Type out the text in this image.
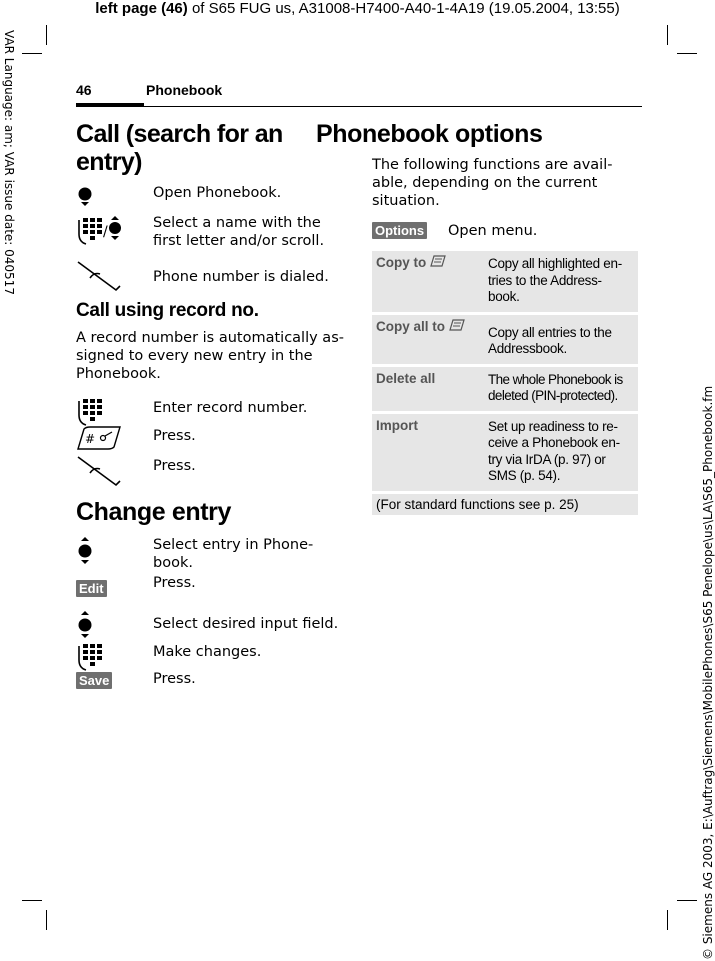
left page (46) of S65 FUG us, A31008-H7400-A40-1-4A19 (19.05.2004, 13:55)
VAR Language: am; VAR issue date: 040517
© Siemens AG 2003, E:\Auftrag\Siemens\MobilePhones\S65 Penelope\us\LA\S65_Phonebook.fm
46	Phonebook
Call (search for an entry)
Open Phonebook.
/
Select a name with the first letter and/or scroll.
Phone number is dialed.
Call using record no.

A record number is automatically as-signed to every new entry in the Phonebook.

Enter record number.
#	Press.
Press.
Change entry
Select entry in Phone-book.
Edit	Press.
Select desired input field.
Make changes.
Save	Press.
Phonebook options

The following functions are avail-able, depending on the current situation.

Options	Open menu.
Copy to	Copy all highlighted en-tries to the Address-book.
Copy all to	Copy all entries to the Addressbook.
Delete all	The whole Phonebook is deleted (PIN-protected).
Import	Set up readiness to re-ceive a Phonebook en-try via IrDA (p. 97) or SMS (p. 54).
(For standard functions see p. 25)	
